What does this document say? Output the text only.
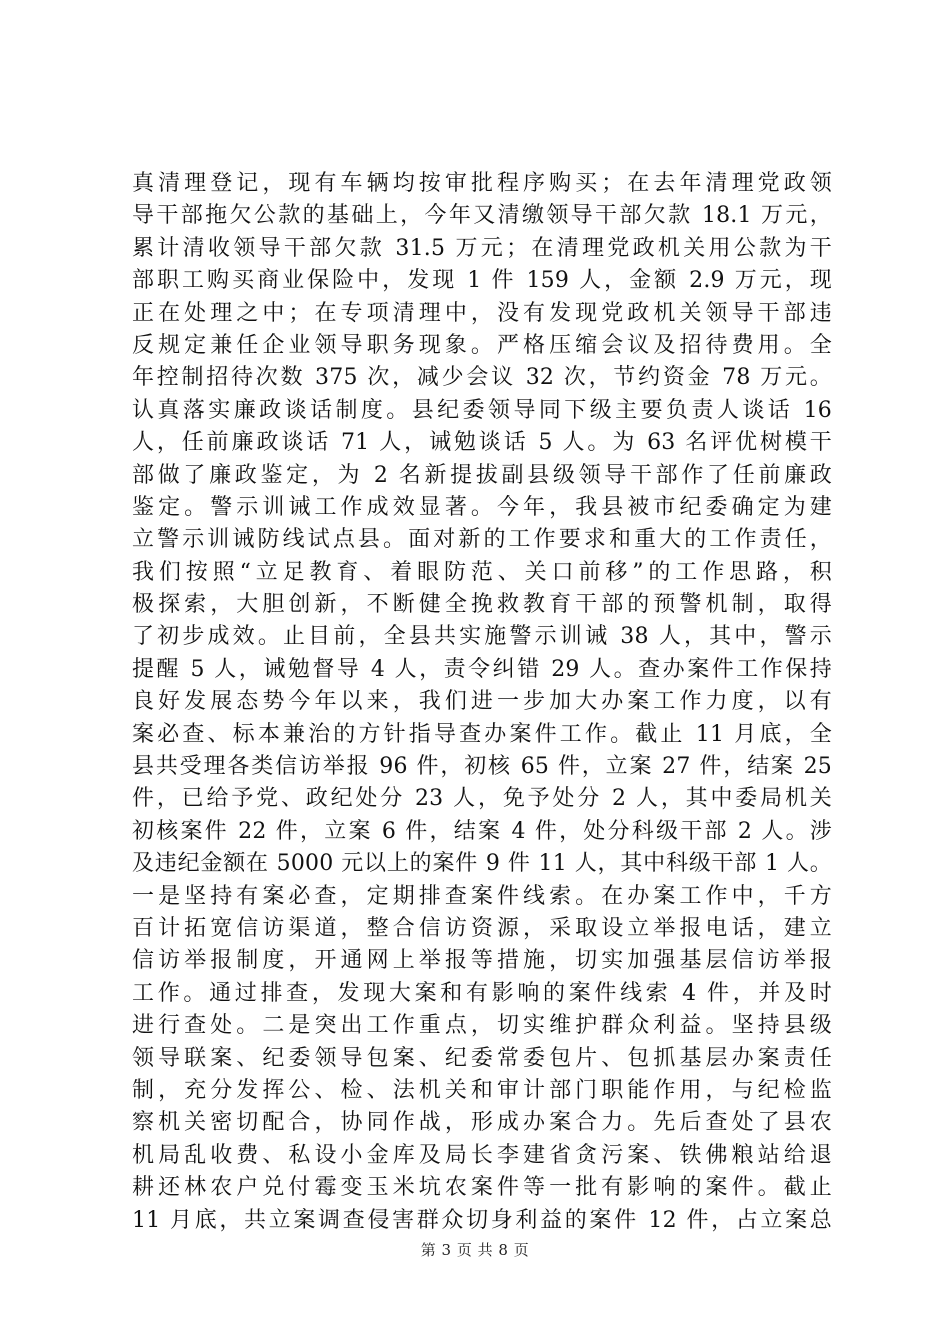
真清理登记，现有车辆均按审批程序购买；在去年清理党政领
导干部拖欠公款的基础上，今年又清缴领导干部欠款 18.1 万元，
累计清收领导干部欠款 31.5 万元；在清理党政机关用公款为干
部职工购买商业保险中，发现 1 件 159 人，金额 2.9 万元，现
正在处理之中；在专项清理中，没有发现党政机关领导干部违
反规定兼任企业领导职务现象。严格压缩会议及招待费用。全
年控制招待次数 375 次，减少会议 32 次，节约资金 78 万元。
认真落实廉政谈话制度。县纪委领导同下级主要负责人谈话 16
人，任前廉政谈话 71 人，诫勉谈话 5 人。为 63 名评优树模干
部做了廉政鉴定，为 2 名新提拔副县级领导干部作了任前廉政
鉴定。警示训诫工作成效显著。今年，我县被市纪委确定为建
立警示训诫防线试点县。面对新的工作要求和重大的工作责任，
我们按照“立足教育、着眼防范、关口前移”的工作思路，积
极探索，大胆创新，不断健全挽救教育干部的预警机制，取得
了初步成效。止目前，全县共实施警示训诫 38 人，其中，警示
提醒 5 人，诫勉督导 4 人，责令纠错 29 人。查办案件工作保持
良好发展态势今年以来，我们进一步加大办案工作力度，以有
案必查、标本兼治的方针指导查办案件工作。截止 11 月底，全
县共受理各类信访举报 96 件，初核 65 件，立案 27 件，结案 25
件，已给予党、政纪处分 23 人，免予处分 2 人，其中委局机关
初核案件 22 件，立案 6 件，结案 4 件，处分科级干部 2 人。涉
及违纪金额在 5000 元以上的案件 9 件 11 人，其中科级干部 1 人。
一是坚持有案必查，定期排查案件线索。在办案工作中，千方
百计拓宽信访渠道，整合信访资源，采取设立举报电话，建立
信访举报制度，开通网上举报等措施，切实加强基层信访举报
工作。通过排查，发现大案和有影响的案件线索 4 件，并及时
进行查处。二是突出工作重点，切实维护群众利益。坚持县级
领导联案、纪委领导包案、纪委常委包片、包抓基层办案责任
制，充分发挥公、检、法机关和审计部门职能作用，与纪检监
察机关密切配合，协同作战，形成办案合力。先后查处了县农
机局乱收费、私设小金库及局长李建省贪污案、铁佛粮站给退
耕还林农户兑付霉变玉米坑农案件等一批有影响的案件。截止
11 月底，共立案调查侵害群众切身利益的案件 12 件，占立案总
第 3 页 共 8 页
